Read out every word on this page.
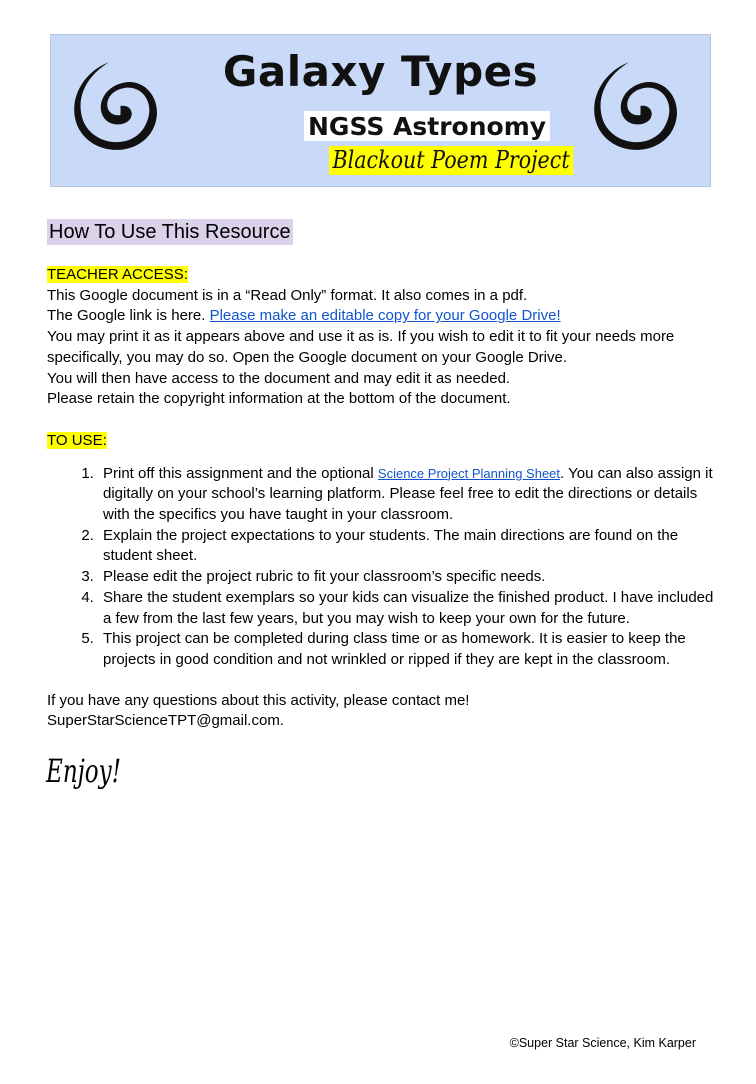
Galaxy Types
NGSS Astronomy
Blackout Poem Project
How To Use This Resource

TEACHER ACCESS:

This Google document is in a “Read Only” format. It also comes in a pdf.

The Google link is here. Please make an editable copy for your Google Drive!

You may print it as it appears above and use it as is. If you wish to edit it to fit your needs more specifically, you may do so. Open the Google document on your Google Drive.

You will then have access to the document and may edit it as needed.

Please retain the copyright information at the bottom of the document.

TO USE:

1. Print off this assignment and the optional Science Project Planning Sheet. You can also assign it digitally on your school’s learning platform. Please feel free to edit the directions or details with the specifics you have taught in your classroom.
2. Explain the project expectations to your students. The main directions are found on the student sheet.
3. Please edit the project rubric to fit your classroom’s specific needs.
4. Share the student exemplars so your kids can visualize the finished product. I have included a few from the last few years, but you may wish to keep your own for the future.
5. This project can be completed during class time or as homework. It is easier to keep the projects in good condition and not wrinkled or ripped if they are kept in the classroom.

If you have any questions about this activity, please contact me!

SuperStarScienceTPT@gmail.com.

Enjoy!
©Super Star Science, Kim Karper
